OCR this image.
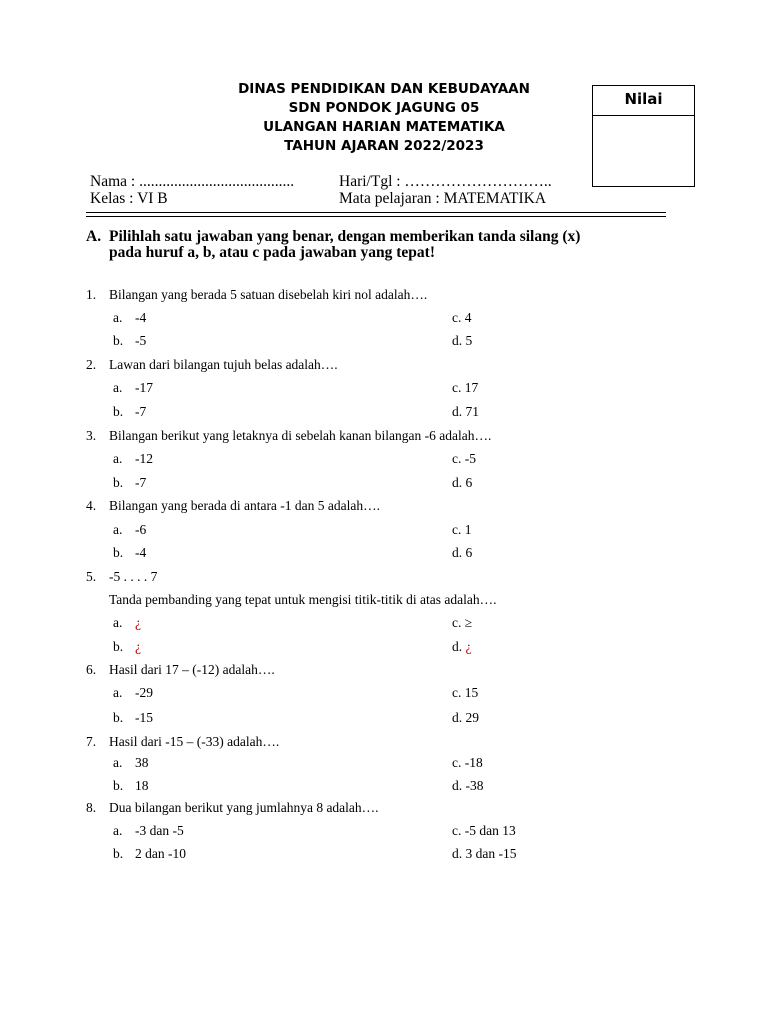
DINAS PENDIDIKAN DAN KEBUDAYAAN
SDN PONDOK JAGUNG 05
ULANGAN HARIAN MATEMATIKA
TAHUN AJARAN 2022/2023
Nilai
Nama : ........................................	Hari/Tgl : ………………………..
Kelas : VI B	Mata pelajaran : MATEMATIKA
A. Pilihlah satu jawaban yang benar, dengan memberikan tanda silang (x)
pada huruf a, b, atau c pada jawaban yang tepat!
1. Bilangan yang berada 5 satuan disebelah kiri nol adalah….
a. -4	c. 4
b. -5	d. 5
2. Lawan dari bilangan tujuh belas adalah….
a. -17	c. 17
b. -7	d. 71
3. Bilangan berikut yang letaknya di sebelah kanan bilangan -6 adalah….
a. -12	c. -5
b. -7	d. 6
4. Bilangan yang berada di antara -1 dan 5 adalah….
a. -6	c. 1
b. -4	d. 6
5. -5 . . . . 7
Tanda pembanding yang tepat untuk mengisi titik-titik di atas adalah….
a. ¿	c. ≥
b. ¿	d. ¿
6. Hasil dari 17 – (-12) adalah….
a. -29	c. 15
b. -15	d. 29
7. Hasil dari -15 – (-33) adalah….
a. 38	c. -18
b. 18	d. -38
8. Dua bilangan berikut yang jumlahnya 8 adalah….
a. -3 dan -5	c. -5 dan 13
b. 2 dan -10	d. 3 dan -15
